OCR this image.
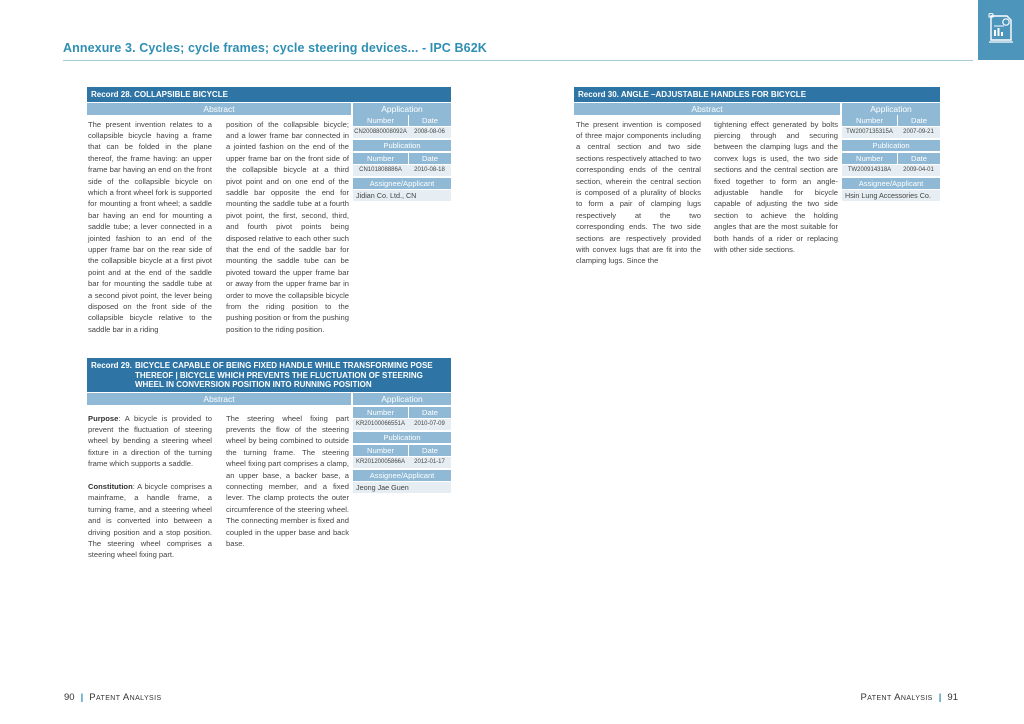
Annexure 3. Cycles; cycle frames; cycle steering devices... - IPC B62K
Record 28. COLLAPSIBLE BICYCLE
Abstract	Application

The present invention relates to a collapsible bicycle having a frame that can be folded in the plane thereof, the frame having: an upper frame bar having an end on the front side of the collapsible bicycle on which a front wheel fork is supported for mounting a front wheel; a saddle bar having an end for mounting a saddle tube; a lever connected in a jointed fashion to an end of the upper frame bar on the rear side of the collapsible bicycle at a first pivot point and at the end of the saddle bar for mounting the saddle tube at a second pivot point, the lever being disposed on the front side of the collapsible bicycle relative to the saddle bar in a riding

position of the collapsible bicycle; and a lower frame bar connected in a jointed fashion on the end of the upper frame bar on the front side of the collapsible bicycle at a third pivot point and on one end of the saddle bar opposite the end for mounting the saddle tube at a fourth pivot point, the first, second, third, and fourth pivot points being disposed relative to each other such that the end of the saddle bar for mounting the saddle tube can be pivoted toward the upper frame bar or away from the upper frame bar in order to move the collapsible bicycle from the riding position to the pushing position or from the pushing position to the riding position.

Number	Date
CN200880008092A	2008-08-06
Publication
Number	Date
CN101808886A	2010-08-18
Assignee/Applicant
Jidian Co. Ltd., CN
Record 29. BICYCLE CAPABLE OF BEING FIXED HANDLE WHILE TRANSFORMING POSE THEREOF | BICYCLE WHICH PREVENTS THE FLUCTUATION OF STEERING WHEEL IN CONVERSION POSITION INTO RUNNING POSITION
Abstract	Application

Purpose: A bicycle is provided to prevent the fluctuation of steering wheel by bending a steering wheel fixture in a direction of the turning frame which supports a saddle.

Constitution: A bicycle comprises a mainframe, a handle frame, a turning frame, and a steering wheel and is converted into between a driving position and a stop position. The steering wheel comprises a steering wheel fixing part.

The steering wheel fixing part prevents the flow of the steering wheel by being combined to outside the turning frame. The steering wheel fixing part comprises a clamp, an upper base, a backer base, a connecting member, and a fixed lever. The clamp protects the outer circumference of the steering wheel. The connecting member is fixed and coupled in the upper base and back base.

Number	Date
KR20100066551A	2010-07-09
Publication
Number	Date
KR20120005866A	2012-01-17
Assignee/Applicant
Jeong Jae Guen
Record 30. ANGLE –ADJUSTABLE HANDLES FOR BICYCLE
Abstract	Application

The present invention is composed of three major components including a central section and two side sections respectively attached to two corresponding ends of the central section, wherein the central section is composed of a plurality of blocks to form a pair of clamping lugs respectively at the two corresponding ends. The two side sections are respectively provided with convex lugs that are fit into the clamping lugs. Since the

tightening effect generated by bolts piercing through and securing between the clamping lugs and the convex lugs is used, the two side sections and the central section are fixed together to form an angle-adjustable handle for bicycle capable of adjusting the two side section to achieve the holding angles that are the most suitable for both hands of a rider or replacing with other side sections.

Number	Date
TW2007135315A	2007-09-21
Publication
Number	Date
TW200914318A	2009-04-01
Assignee/Applicant
Hsin Lung Accessories Co.
90 | Patent Analysis	Patent Analysis | 91
